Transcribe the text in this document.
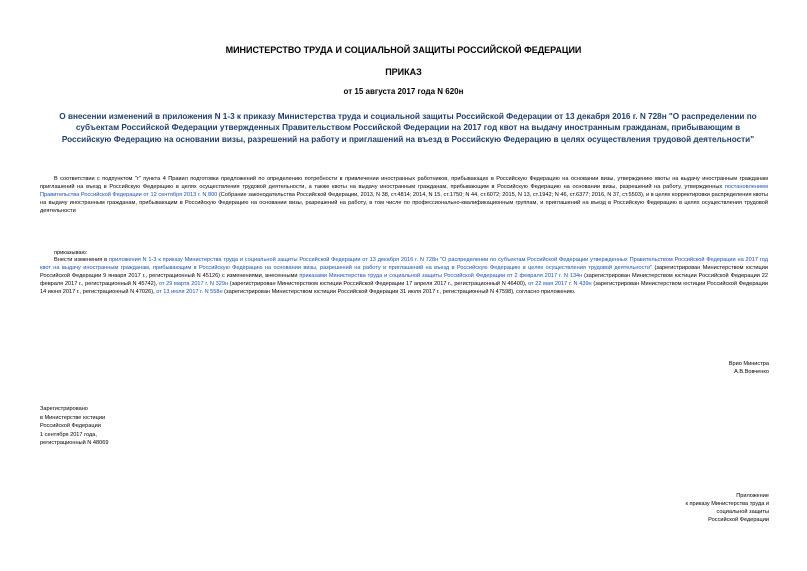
МИНИСТЕРСТВО ТРУДА И СОЦИАЛЬНОЙ ЗАЩИТЫ РОССИЙСКОЙ ФЕДЕРАЦИИ
ПРИКАЗ
от 15 августа 2017 года N 620н
О внесении изменений в приложения N 1-3 к приказу Министерства труда и социальной защиты Российской Федерации от 13 декабря 2016 г. N 728н "О распределении по субъектам Российской Федерации утвержденных Правительством Российской Федерации на 2017 год квот на выдачу иностранным гражданам, прибывающим в Российскую Федерацию на основании визы, разрешений на работу и приглашений на въезд в Российскую Федерацию в целях осуществления трудовой деятельности"
В соответствии с подпунктом "г" пункта 4 Правил подготовки предложений по определению потребности в привлечении иностранных работников, прибывающих в Российскую Федерацию на основании визы, утверждению квоты на выдачу иностранным гражданам приглашений на въезд в Российскую Федерацию в целях осуществления трудовой деятельности, а также квоты на выдачу иностранным гражданам, прибывающим в Российскую Федерацию на основании визы, разрешений на работу, утвержденных постановлением Правительства Российской Федерации от 12 сентября 2013 г. N 800 (Собрание законодательства Российской Федерации, 2013, N 38, ст.4814; 2014, N 15, ст.1750; N 44, ст.6072; 2015, N 13, ст.1942; N 46, ст.6377; 2016, N 37, ст.5503), и в целях корректировки распределения квоты на выдачу иностранным гражданам, прибывающим в Российскую Федерацию на основании визы, разрешений на работу, в том числе по профессионально-квалификационным группам, и приглашений на въезд в Российскую Федерацию в целях осуществления трудовой деятельности
приказываю:
Внести изменения в приложения N 1-3 к приказу Министерства труда и социальной защиты Российской Федерации от 13 декабря 2016 г. N 728н "О распределении по субъектам Российской Федерации утвержденных Правительством Российской Федерации на 2017 год квот на выдачу иностранным гражданам, прибывающим в Российскую Федерацию на основании визы, разрешений на работу и приглашений на въезд в Российскую Федерацию в целях осуществления трудовой деятельности" (зарегистрирован Министерством юстиции Российской Федерации 9 января 2017 г., регистрационный N 45126) с изменениями, внесенными приказами Министерства труда и социальной защиты Российской Федерации от 2 февраля 2017 г. N 134н (зарегистрирован Министерством юстиции Российской Федерации 22 февраля 2017 г., регистрационный N 45742), от 29 марта 2017 г. N 329н (зарегистрирован Министерством юстиции Российской Федерации 17 апреля 2017 г., регистрационный N 46400), от 22 мая 2017 г. N 439н (зарегистрирован Министерством юстиции Российской Федерации 14 июня 2017 г., регистрационный N 47026), от 13 июля 2017 г. N 558н (зарегистрирован Министерством юстиции Российской Федерации 31 июля 2017 г., регистрационный N 47598), согласно приложению.
Врио Министра
А.В.Вовченко
Зарегистрировано
в Министерстве юстиции
Российской Федерации
1 сентября 2017 года,
регистрационный N 48069
Приложение
к приказу Министерства труда и
социальной защиты
Российской Федерации
